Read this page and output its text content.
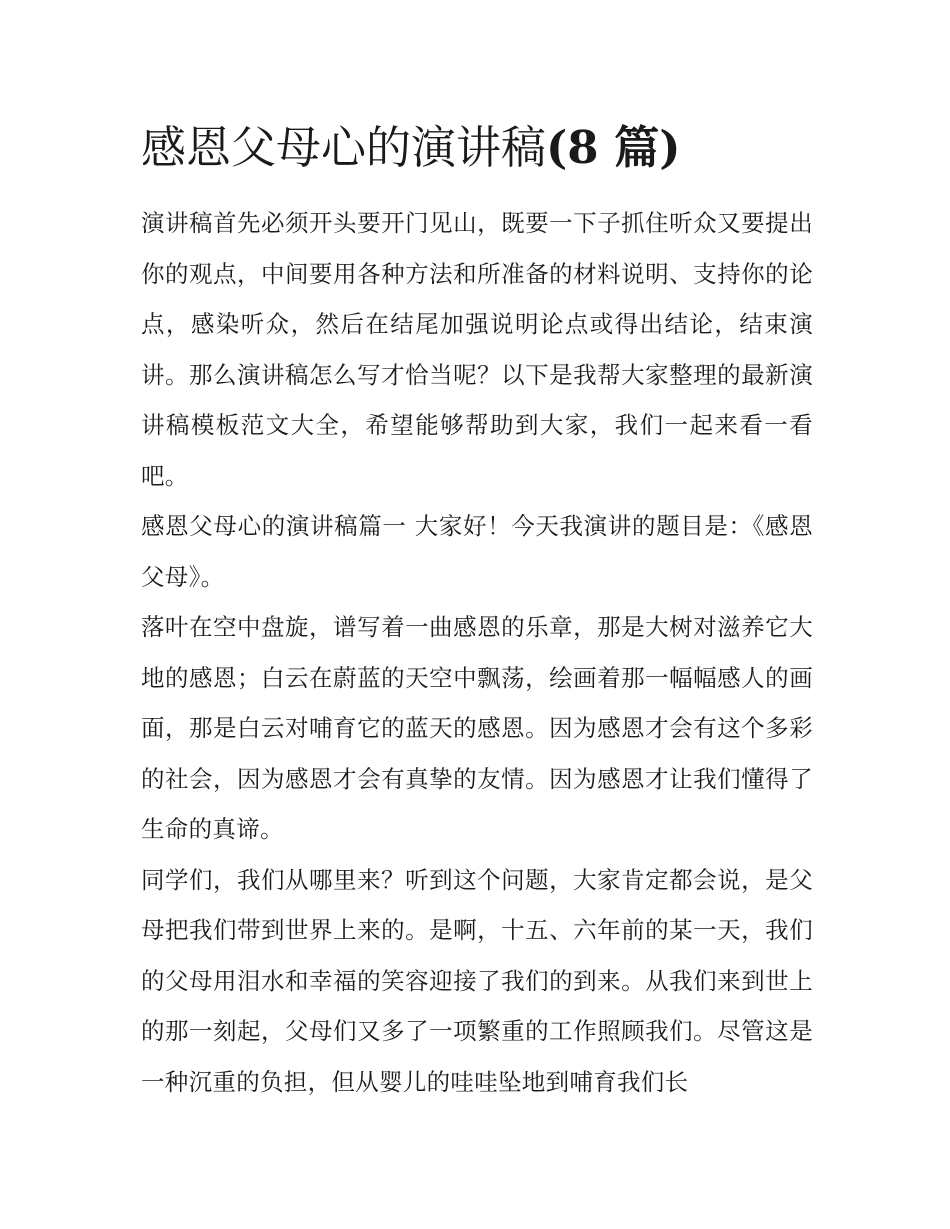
感恩父母心的演讲稿(8 篇)

演讲稿首先必须开头要开门见山，既要一下子抓住听众又要提出你的观点，中间要用各种方法和所准备的材料说明、支持你的论点，感染听众，然后在结尾加强说明论点或得出结论，结束演讲。那么演讲稿怎么写才恰当呢？以下是我帮大家整理的最新演讲稿模板范文大全，希望能够帮助到大家，我们一起来看一看吧。

感恩父母心的演讲稿篇一 大家好！今天我演讲的题目是：《感恩父母》。

落叶在空中盘旋，谱写着一曲感恩的乐章，那是大树对滋养它大地的感恩；白云在蔚蓝的天空中飘荡，绘画着那一幅幅感人的画面，那是白云对哺育它的蓝天的感恩。因为感恩才会有这个多彩的社会，因为感恩才会有真挚的友情。因为感恩才让我们懂得了生命的真谛。

同学们，我们从哪里来？听到这个问题，大家肯定都会说，是父母把我们带到世界上来的。是啊，十五、六年前的某一天，我们的父母用泪水和幸福的笑容迎接了我们的到来。从我们来到世上的那一刻起，父母们又多了一项繁重的工作照顾我们。尽管这是一种沉重的负担，但从婴儿的哇哇坠地到哺育我们长
